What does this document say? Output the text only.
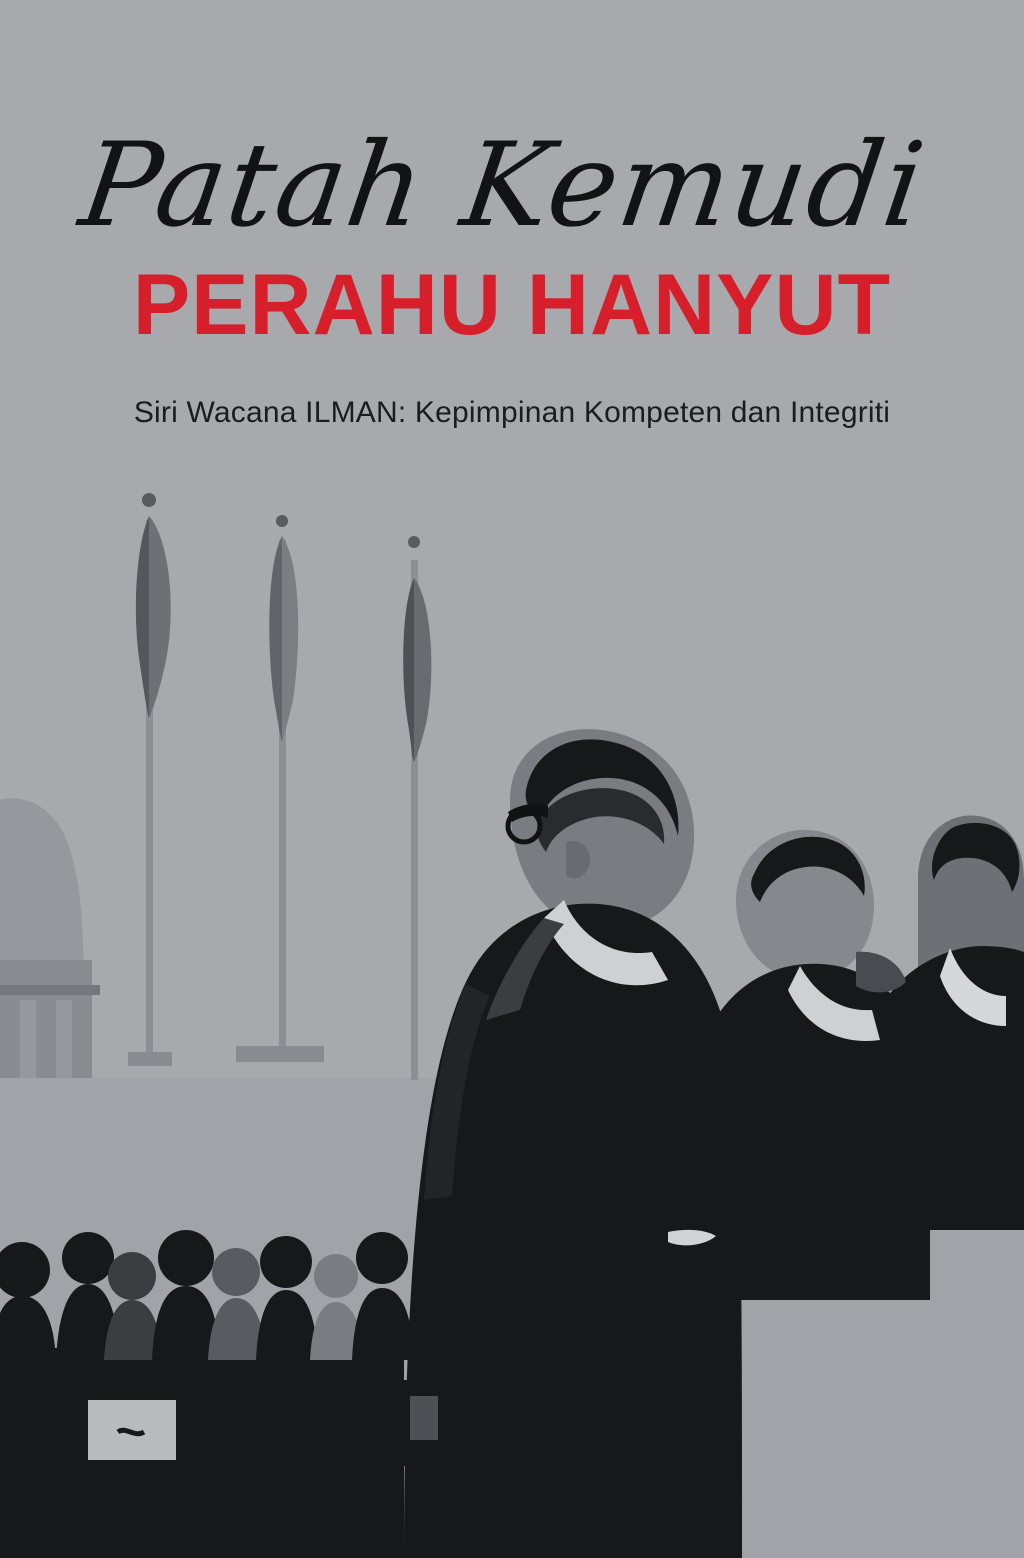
Patah Kemudi
PERAHU HANYUT
Siri Wacana ILMAN: Kepimpinan Kompeten dan Integriti
